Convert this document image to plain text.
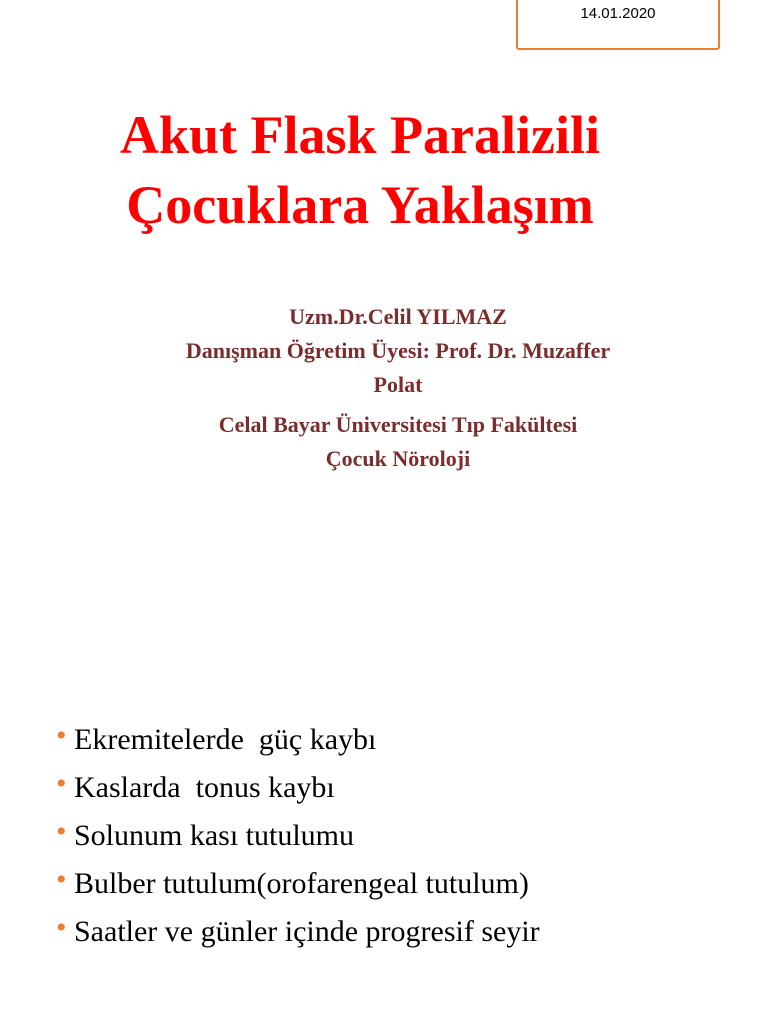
14.01.2020
Akut Flask Paralizili
Çocuklara Yaklaşım
Uzm.Dr.Celil YILMAZ
Danışman Öğretim Üyesi: Prof. Dr. Muzaffer
Polat
Celal Bayar Üniversitesi Tıp Fakültesi
Çocuk Nöroloji
• Ekremitelerde  güç kaybı
• Kaslarda  tonus kaybı
• Solunum kası tutulumu
• Bulber tutulum(orofarengeal tutulum)
• Saatler ve günler içinde progresif seyir
